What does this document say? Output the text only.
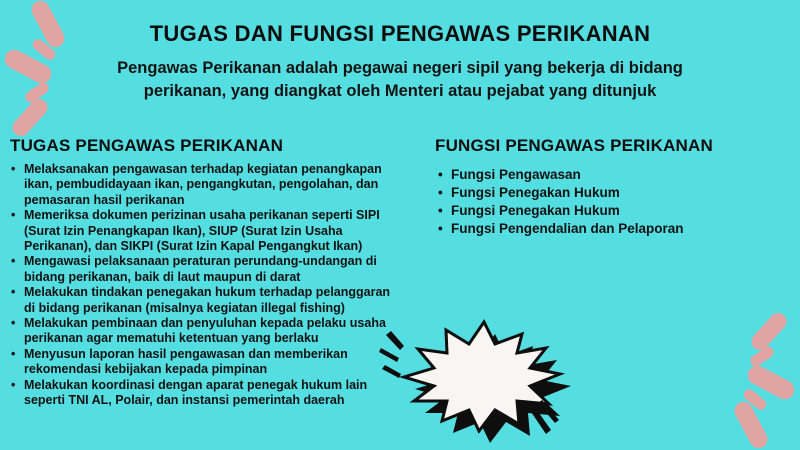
TUGAS DAN FUNGSI PENGAWAS PERIKANAN
Pengawas Perikanan adalah pegawai negeri sipil yang bekerja di bidang perikanan, yang diangkat oleh Menteri atau pejabat yang ditunjuk
TUGAS PENGAWAS PERIKANAN
• Melaksanakan pengawasan terhadap kegiatan penangkapan ikan, pembudidayaan ikan, pengangkutan, pengolahan, dan pemasaran hasil perikanan
• Memeriksa dokumen perizinan usaha perikanan seperti SIPI (Surat Izin Penangkapan Ikan), SIUP (Surat Izin Usaha Perikanan), dan SIKPI (Surat Izin Kapal Pengangkut Ikan)
• Mengawasi pelaksanaan peraturan perundang-undangan di bidang perikanan, baik di laut maupun di darat
• Melakukan tindakan penegakan hukum terhadap pelanggaran di bidang perikanan (misalnya kegiatan illegal fishing)
• Melakukan pembinaan dan penyuluhan kepada pelaku usaha perikanan agar mematuhi ketentuan yang berlaku
• Menyusun laporan hasil pengawasan dan memberikan rekomendasi kebijakan kepada pimpinan
• Melakukan koordinasi dengan aparat penegak hukum lain seperti TNI AL, Polair, dan instansi pemerintah daerah
FUNGSI PENGAWAS PERIKANAN
• Fungsi Pengawasan
• Fungsi Penegakan Hukum
• Fungsi Penegakan Hukum
• Fungsi Pengendalian dan Pelaporan
